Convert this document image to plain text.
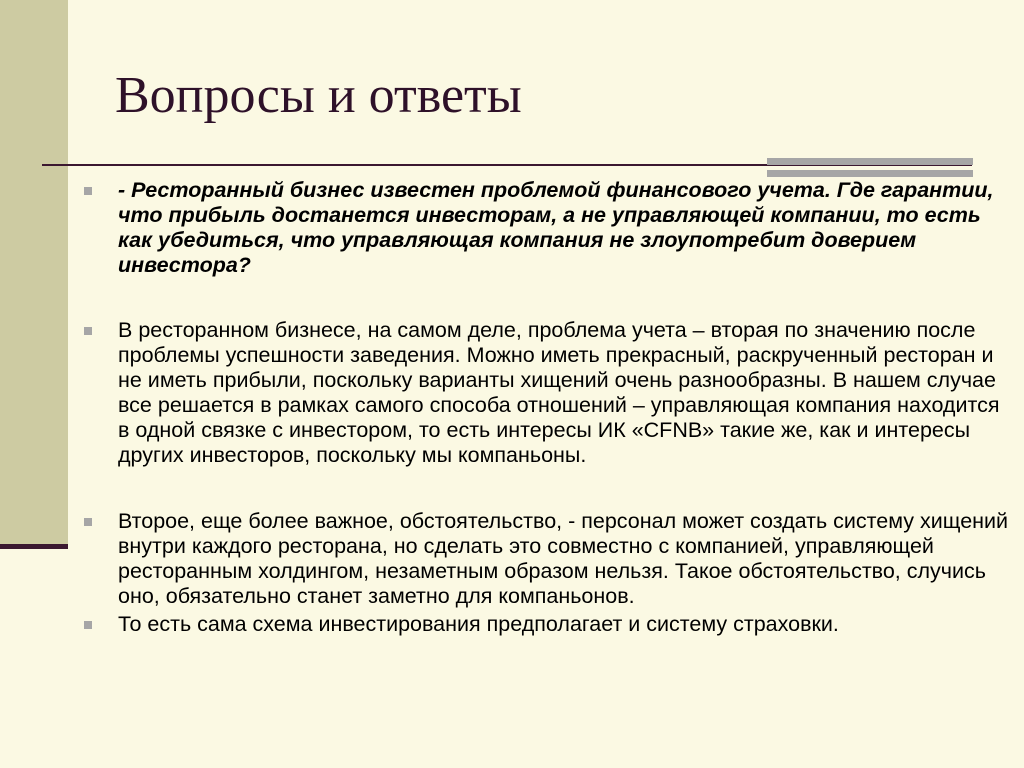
Вопросы и ответы
- Ресторанный бизнес известен проблемой финансового учета. Где гарантии, что прибыль достанется инвесторам, а не управляющей компании, то есть как убедиться, что управляющая компания не злоупотребит доверием инвестора?
В ресторанном бизнесе, на самом деле, проблема учета – вторая по значению после проблемы успешности заведения. Можно иметь прекрасный, раскрученный ресторан и не иметь прибыли, поскольку варианты хищений очень разнообразны. В нашем случае все решается в рамках самого способа отношений – управляющая компания находится в одной связке с инвестором, то есть интересы ИК «CFNB» такие же, как и интересы других инвесторов, поскольку мы компаньоны.
Второе, еще более важное, обстоятельство, - персонал может создать систему хищений внутри каждого ресторана, но сделать это совместно с компанией, управляющей ресторанным холдингом, незаметным образом нельзя. Такое обстоятельство, случись оно, обязательно станет заметно для компаньонов.
То есть сама схема инвестирования предполагает и систему страховки.
